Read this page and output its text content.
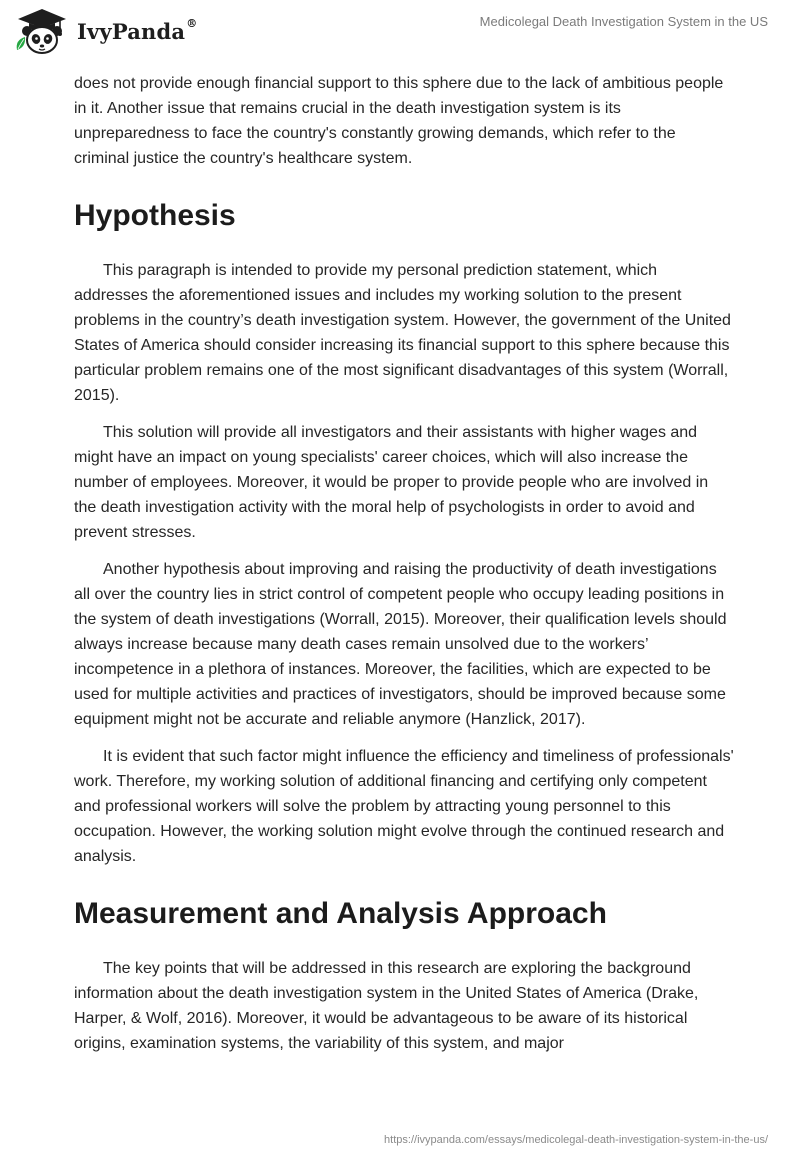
IvyPanda®	Medicolegal Death Investigation System in the US

does not provide enough financial support to this sphere due to the lack of ambitious people in it. Another issue that remains crucial in the death investigation system is its unpreparedness to face the country's constantly growing demands, which refer to the criminal justice the country's healthcare system.

Hypothesis

This paragraph is intended to provide my personal prediction statement, which addresses the aforementioned issues and includes my working solution to the present problems in the country’s death investigation system. However, the government of the United States of America should consider increasing its financial support to this sphere because this particular problem remains one of the most significant disadvantages of this system (Worrall, 2015).

This solution will provide all investigators and their assistants with higher wages and might have an impact on young specialists' career choices, which will also increase the number of employees. Moreover, it would be proper to provide people who are involved in the death investigation activity with the moral help of psychologists in order to avoid and prevent stresses.

Another hypothesis about improving and raising the productivity of death investigations all over the country lies in strict control of competent people who occupy leading positions in the system of death investigations (Worrall, 2015). Moreover, their qualification levels should always increase because many death cases remain unsolved due to the workers’ incompetence in a plethora of instances. Moreover, the facilities, which are expected to be used for multiple activities and practices of investigators, should be improved because some equipment might not be accurate and reliable anymore (Hanzlick, 2017).

It is evident that such factor might influence the efficiency and timeliness of professionals' work. Therefore, my working solution of additional financing and certifying only competent and professional workers will solve the problem by attracting young personnel to this occupation. However, the working solution might evolve through the continued research and analysis.

Measurement and Analysis Approach

The key points that will be addressed in this research are exploring the background information about the death investigation system in the United States of America (Drake, Harper, & Wolf, 2016). Moreover, it would be advantageous to be aware of its historical origins, examination systems, the variability of this system, and major

https://ivypanda.com/essays/medicolegal-death-investigation-system-in-the-us/
